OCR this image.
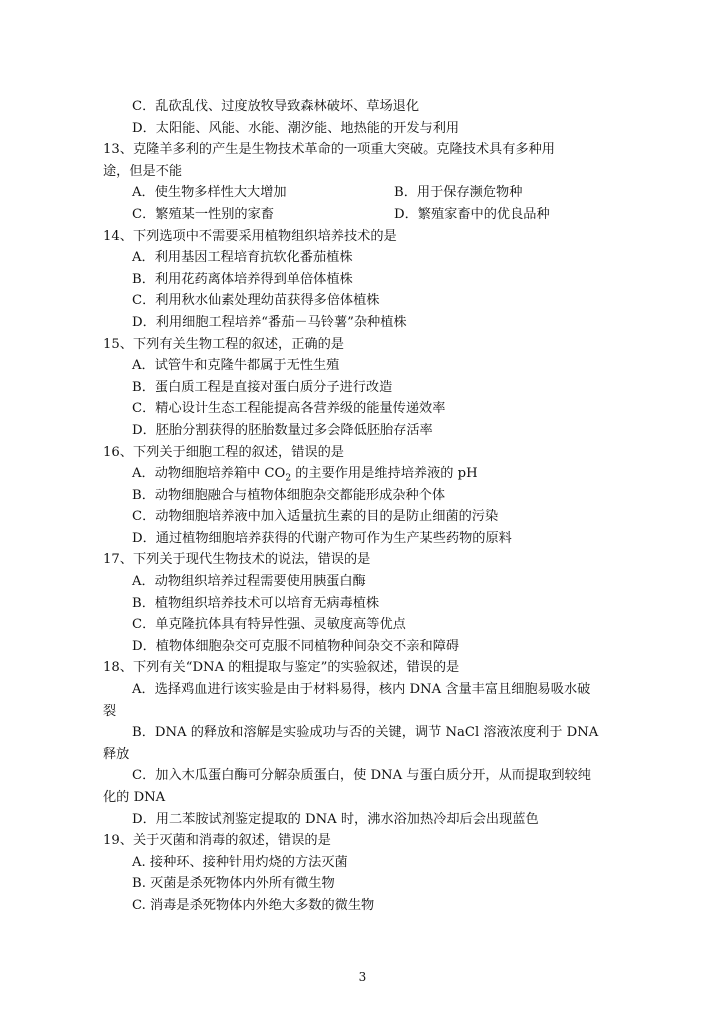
C．乱砍乱伐、过度放牧导致森林破坏、草场退化
D．太阳能、风能、水能、潮汐能、地热能的开发与利用
13、克隆羊多利的产生是生物技术革命的一项重大突破。克隆技术具有多种用
途，但是不能
A．使生物多样性大大增加	B．用于保存濒危物种
C．繁殖某一性别的家畜	D．繁殖家畜中的优良品种
14、下列选项中不需要采用植物组织培养技术的是
A．利用基因工程培育抗软化番茄植株
B．利用花药离体培养得到单倍体植株
C．利用秋水仙素处理幼苗获得多倍体植株
D．利用细胞工程培养“番茄－马铃薯”杂种植株
15、下列有关生物工程的叙述，正确的是
A．试管牛和克隆牛都属于无性生殖
B．蛋白质工程是直接对蛋白质分子进行改造
C．精心设计生态工程能提高各营养级的能量传递效率
D．胚胎分割获得的胚胎数量过多会降低胚胎存活率
16、下列关于细胞工程的叙述，错误的是
A．动物细胞培养箱中 $CO_2$ 的主要作用是维持培养液的 pH
B．动物细胞融合与植物体细胞杂交都能形成杂种个体
C．动物细胞培养液中加入适量抗生素的目的是防止细菌的污染
D．通过植物细胞培养获得的代谢产物可作为生产某些药物的原料
17、下列关于现代生物技术的说法，错误的是
A．动物组织培养过程需要使用胰蛋白酶
B．植物组织培养技术可以培育无病毒植株
C．单克隆抗体具有特异性强、灵敏度高等优点
D．植物体细胞杂交可克服不同植物种间杂交不亲和障碍
18、下列有关“DNA 的粗提取与鉴定”的实验叙述，错误的是
A．选择鸡血进行该实验是由于材料易得，核内 DNA 含量丰富且细胞易吸水破
裂
B．DNA 的释放和溶解是实验成功与否的关键，调节 NaCl 溶液浓度利于 DNA
释放
C．加入木瓜蛋白酶可分解杂质蛋白，使 DNA 与蛋白质分开，从而提取到较纯
化的 DNA
D．用二苯胺试剂鉴定提取的 DNA 时，沸水浴加热冷却后会出现蓝色
19、关于灭菌和消毒的叙述，错误的是
A. 接种环、接种针用灼烧的方法灭菌
B. 灭菌是杀死物体内外所有微生物
C. 消毒是杀死物体内外绝大多数的微生物
3
